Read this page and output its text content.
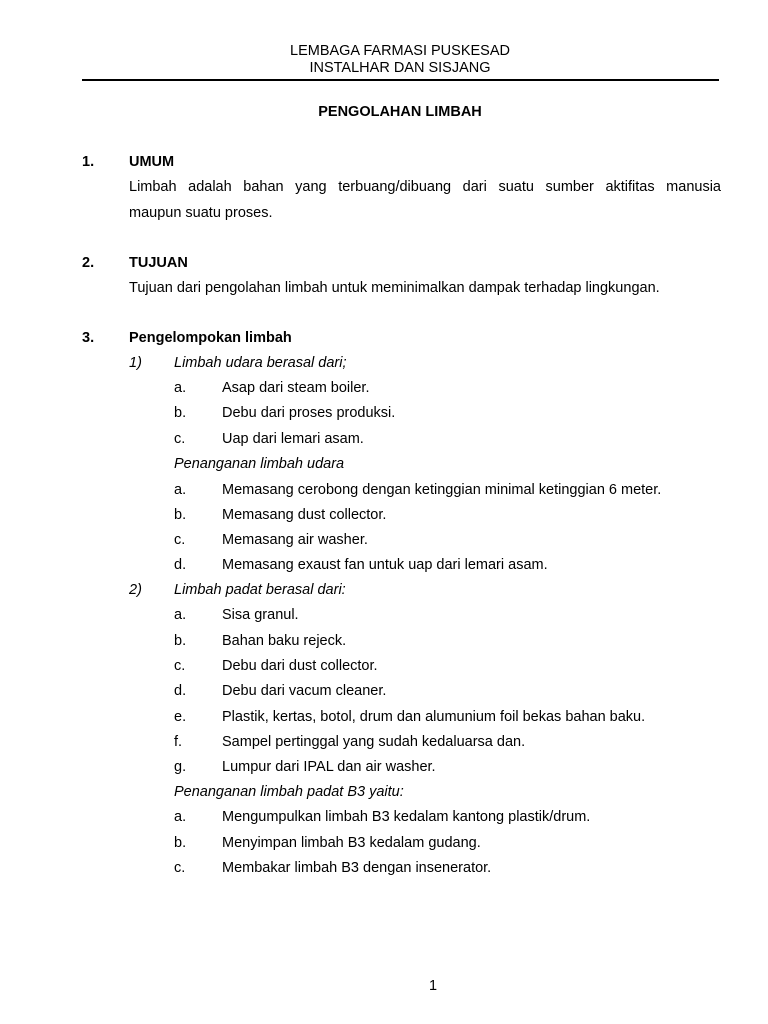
LEMBAGA FARMASI PUSKESAD
INSTALHAR DAN SISJANG
PENGOLAHAN LIMBAH
1. UMUM
Limbah adalah bahan yang terbuang/dibuang dari suatu sumber aktifitas manusia
maupun suatu proses.
2. TUJUAN
Tujuan dari pengolahan limbah untuk meminimalkan dampak terhadap lingkungan.
3. Pengelompokan limbah
1) Limbah udara berasal dari;
a. Asap dari steam boiler.
b. Debu dari proses produksi.
c.	Uap dari lemari asam.
Penanganan limbah udara
a. Memasang cerobong dengan ketinggian minimal ketinggian 6 meter.
b. Memasang dust collector.
c.	Memasang air washer.
d. Memasang exaust fan untuk uap dari lemari asam.
2) Limbah padat berasal dari:
a. Sisa granul.
b. Bahan baku rejeck.
c.	Debu dari dust collector.
d. Debu dari vacum cleaner.
e. Plastik, kertas, botol, drum dan alumunium foil bekas bahan baku.
f.	Sampel pertinggal yang sudah kedaluarsa dan.
g. Lumpur dari IPAL dan air washer.
Penanganan limbah padat B3 yaitu:
a. Mengumpulkan limbah B3 kedalam kantong plastik/drum.
b. Menyimpan limbah B3 kedalam gudang.
c.	Membakar limbah B3 dengan insenerator.
1
